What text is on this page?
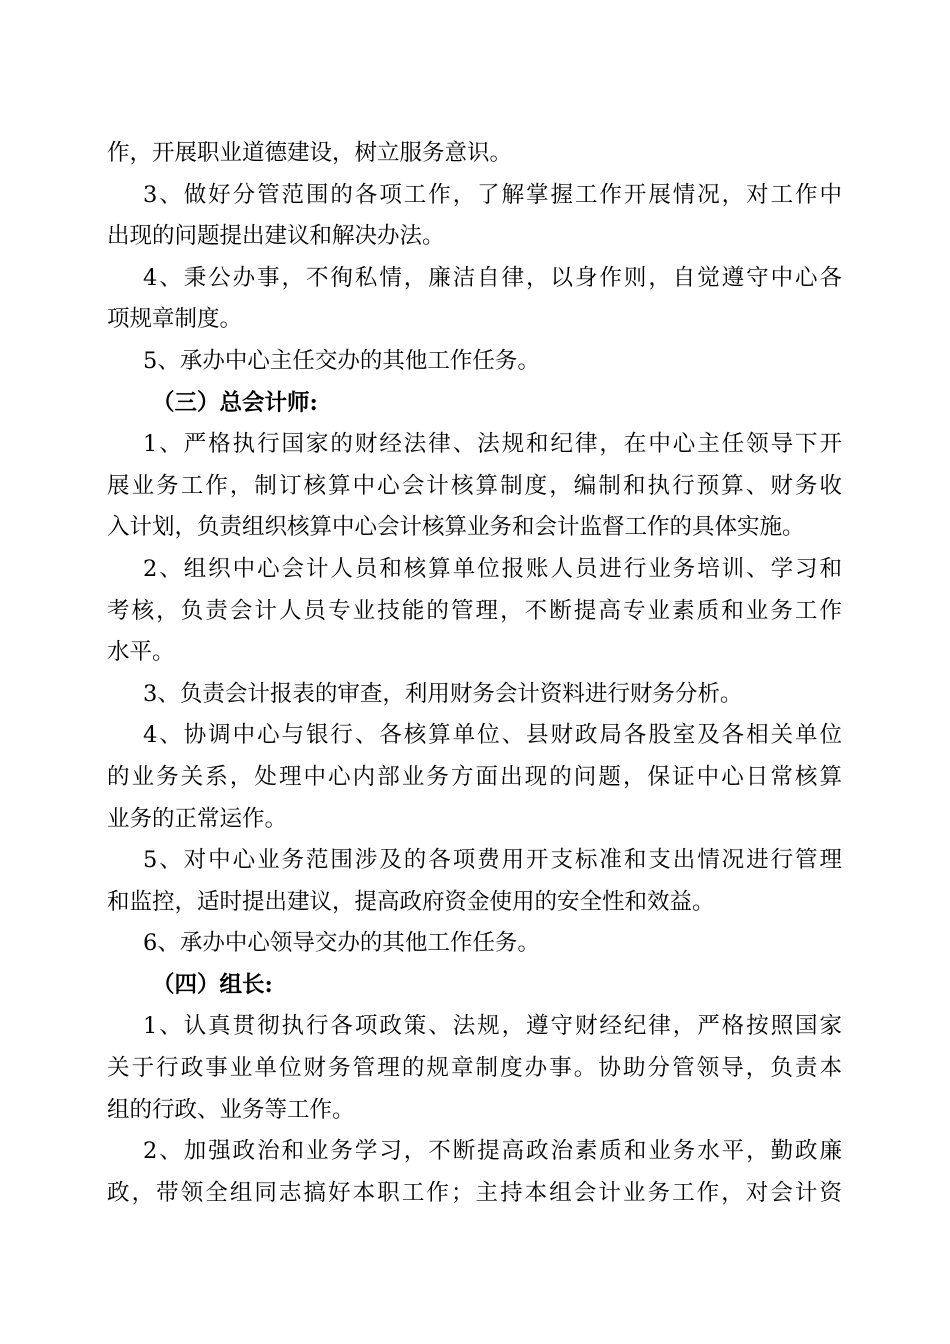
作，开展职业道德建设，树立服务意识。
3、做好分管范围的各项工作，了解掌握工作开展情况，对工作中
出现的问题提出建议和解决办法。
4、秉公办事，不徇私情，廉洁自律，以身作则，自觉遵守中心各
项规章制度。
5、承办中心主任交办的其他工作任务。
（三）总会计师:
1、严格执行国家的财经法律、法规和纪律，在中心主任领导下开
展业务工作，制订核算中心会计核算制度，编制和执行预算、财务收
入计划，负责组织核算中心会计核算业务和会计监督工作的具体实施。
2、组织中心会计人员和核算单位报账人员进行业务培训、学习和
考核，负责会计人员专业技能的管理，不断提高专业素质和业务工作
水平。
3、负责会计报表的审查，利用财务会计资料进行财务分析。
4、协调中心与银行、各核算单位、县财政局各股室及各相关单位
的业务关系，处理中心内部业务方面出现的问题，保证中心日常核算
业务的正常运作。
5、对中心业务范围涉及的各项费用开支标准和支出情况进行管理
和监控，适时提出建议，提高政府资金使用的安全性和效益。
6、承办中心领导交办的其他工作任务。
（四）组长:
1、认真贯彻执行各项政策、法规，遵守财经纪律，严格按照国家
关于行政事业单位财务管理的规章制度办事。协助分管领导，负责本
组的行政、业务等工作。
2、加强政治和业务学习，不断提高政治素质和业务水平，勤政廉
政，带领全组同志搞好本职工作；主持本组会计业务工作，对会计资
